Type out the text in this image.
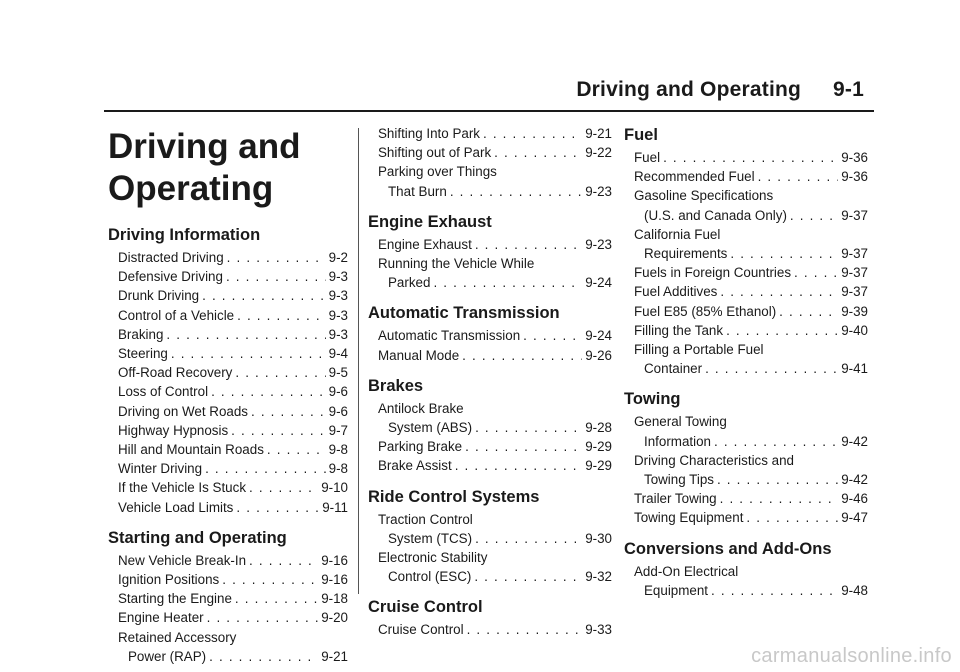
Driving and Operating 9-1
Driving and
Operating
Driving Information
Distracted Driving . . .	9-2
Defensive Driving . . .	9-3
Drunk Driving . . .	9-3
Control of a Vehicle . . .	9-3
Braking . . .	9-3
Steering . . .	9-4
Off-Road Recovery . . .	9-5
Loss of Control . . .	9-6
Driving on Wet Roads . . .	9-6
Highway Hypnosis . . .	9-7
Hill and Mountain Roads . . .	9-8
Winter Driving . . .	9-8
If the Vehicle Is Stuck . . .	9-10
Vehicle Load Limits . . .	9-11
Starting and Operating
New Vehicle Break-In . . .	9-16
Ignition Positions . . .	9-16
Starting the Engine . . .	9-18
Engine Heater . . .	9-20
Retained Accessory
Power (RAP) . . .	9-21
Shifting Into Park . . .	9-21
Shifting out of Park . . .	9-22
Parking over Things
That Burn . . .	9-23
Engine Exhaust
Engine Exhaust . . .	9-23
Running the Vehicle While
Parked . . .	9-24
Automatic Transmission
Automatic Transmission . . .	9-24
Manual Mode . . .	9-26
Brakes
Antilock Brake
System (ABS) . . .	9-28
Parking Brake . . .	9-29
Brake Assist . . .	9-29
Ride Control Systems
Traction Control
System (TCS) . . .	9-30
Electronic Stability
Control (ESC) . . .	9-32
Cruise Control
Cruise Control . . .	9-33
Fuel
Fuel . . .	9-36
Recommended Fuel . . .	9-36
Gasoline Specifications
(U.S. and Canada Only) . . .	9-37
California Fuel
Requirements . . .	9-37
Fuels in Foreign Countries . . .	9-37
Fuel Additives . . .	9-37
Fuel E85 (85% Ethanol) . . .	9-39
Filling the Tank . . .	9-40
Filling a Portable Fuel
Container . . .	9-41
Towing
General Towing
Information . . .	9-42
Driving Characteristics and
Towing Tips . . .	9-42
Trailer Towing . . .	9-46
Towing Equipment . . .	9-47
Conversions and Add-Ons
Add-On Electrical
Equipment . . .	9-48
carmanualsonline.info
